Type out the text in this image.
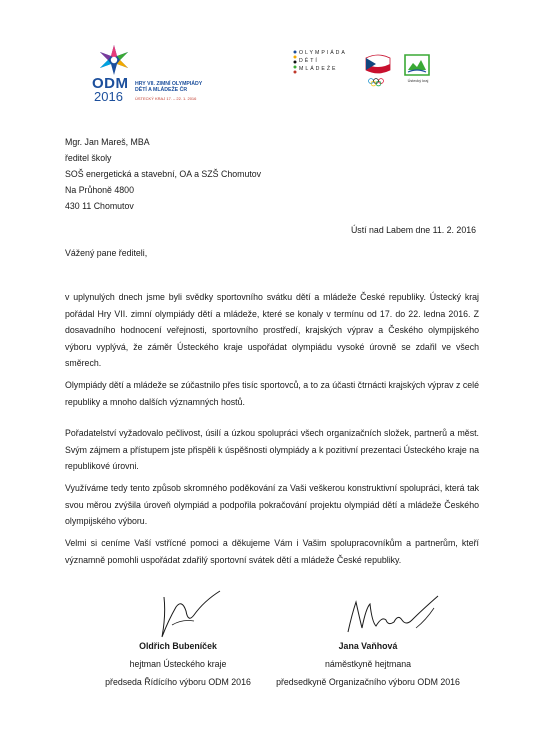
ODM
2016
HRY VII. ZIMNÍ OLYMPIÁDY
DĚTÍ A MLÁDEŽE ČR
ÚSTECKÝ KRAJ 17. – 22. 1. 2016
OLYMPIÁDA
DĚTÍ
MLÁDEŽE
Ústecký kraj
Mgr. Jan Mareš, MBA
ředitel školy
SOŠ energetická a stavební, OA a SZŠ Chomutov
Na Průhoně 4800
430 11 Chomutov
Ústí nad Labem dne 11. 2. 2016
Vážený pane řediteli,
v uplynulých dnech jsme byli svědky sportovního svátku dětí a mládeže České republiky. Ústecký kraj pořádal Hry VII. zimní olympiády dětí a mládeže, které se konaly v termínu od 17. do 22. ledna 2016. Z dosavadního hodnocení veřejnosti, sportovního prostředí, krajských výprav a Českého olympijského výboru vyplývá, že záměr Ústeckého kraje uspořádat olympiádu vysoké úrovně se zdařil ve všech směrech.
Olympiády dětí a mládeže se zúčastnilo přes tisíc sportovců, a to za účasti čtrnácti krajských výprav z celé republiky a mnoho dalších významných hostů.
Pořadatelství vyžadovalo pečlivost, úsilí a úzkou spolupráci všech organizačních složek, partnerů a měst. Svým zájmem a přístupem jste přispěli k úspěšnosti olympiády a k pozitivní prezentaci Ústeckého kraje na republikové úrovni.
Využíváme tedy tento způsob skromného poděkování za Vaši veškerou konstruktivní spolupráci, která tak svou měrou zvýšila úroveň olympiád a podpořila pokračování projektu olympiád dětí a mládeže Českého olympijského výboru.
Velmi si ceníme Vaší vstřícné pomoci a děkujeme Vám i Vašim spolupracovníkům a partnerům, kteří významně pomohli uspořádat zdařilý sportovní svátek dětí a mládeže České republiky.
Oldřich Bubeníček
hejtman Ústeckého kraje
předseda Řídícího výboru ODM 2016
Jana Vaňhová
náměstkyně hejtmana
předsedkyně Organizačního výboru ODM 2016
